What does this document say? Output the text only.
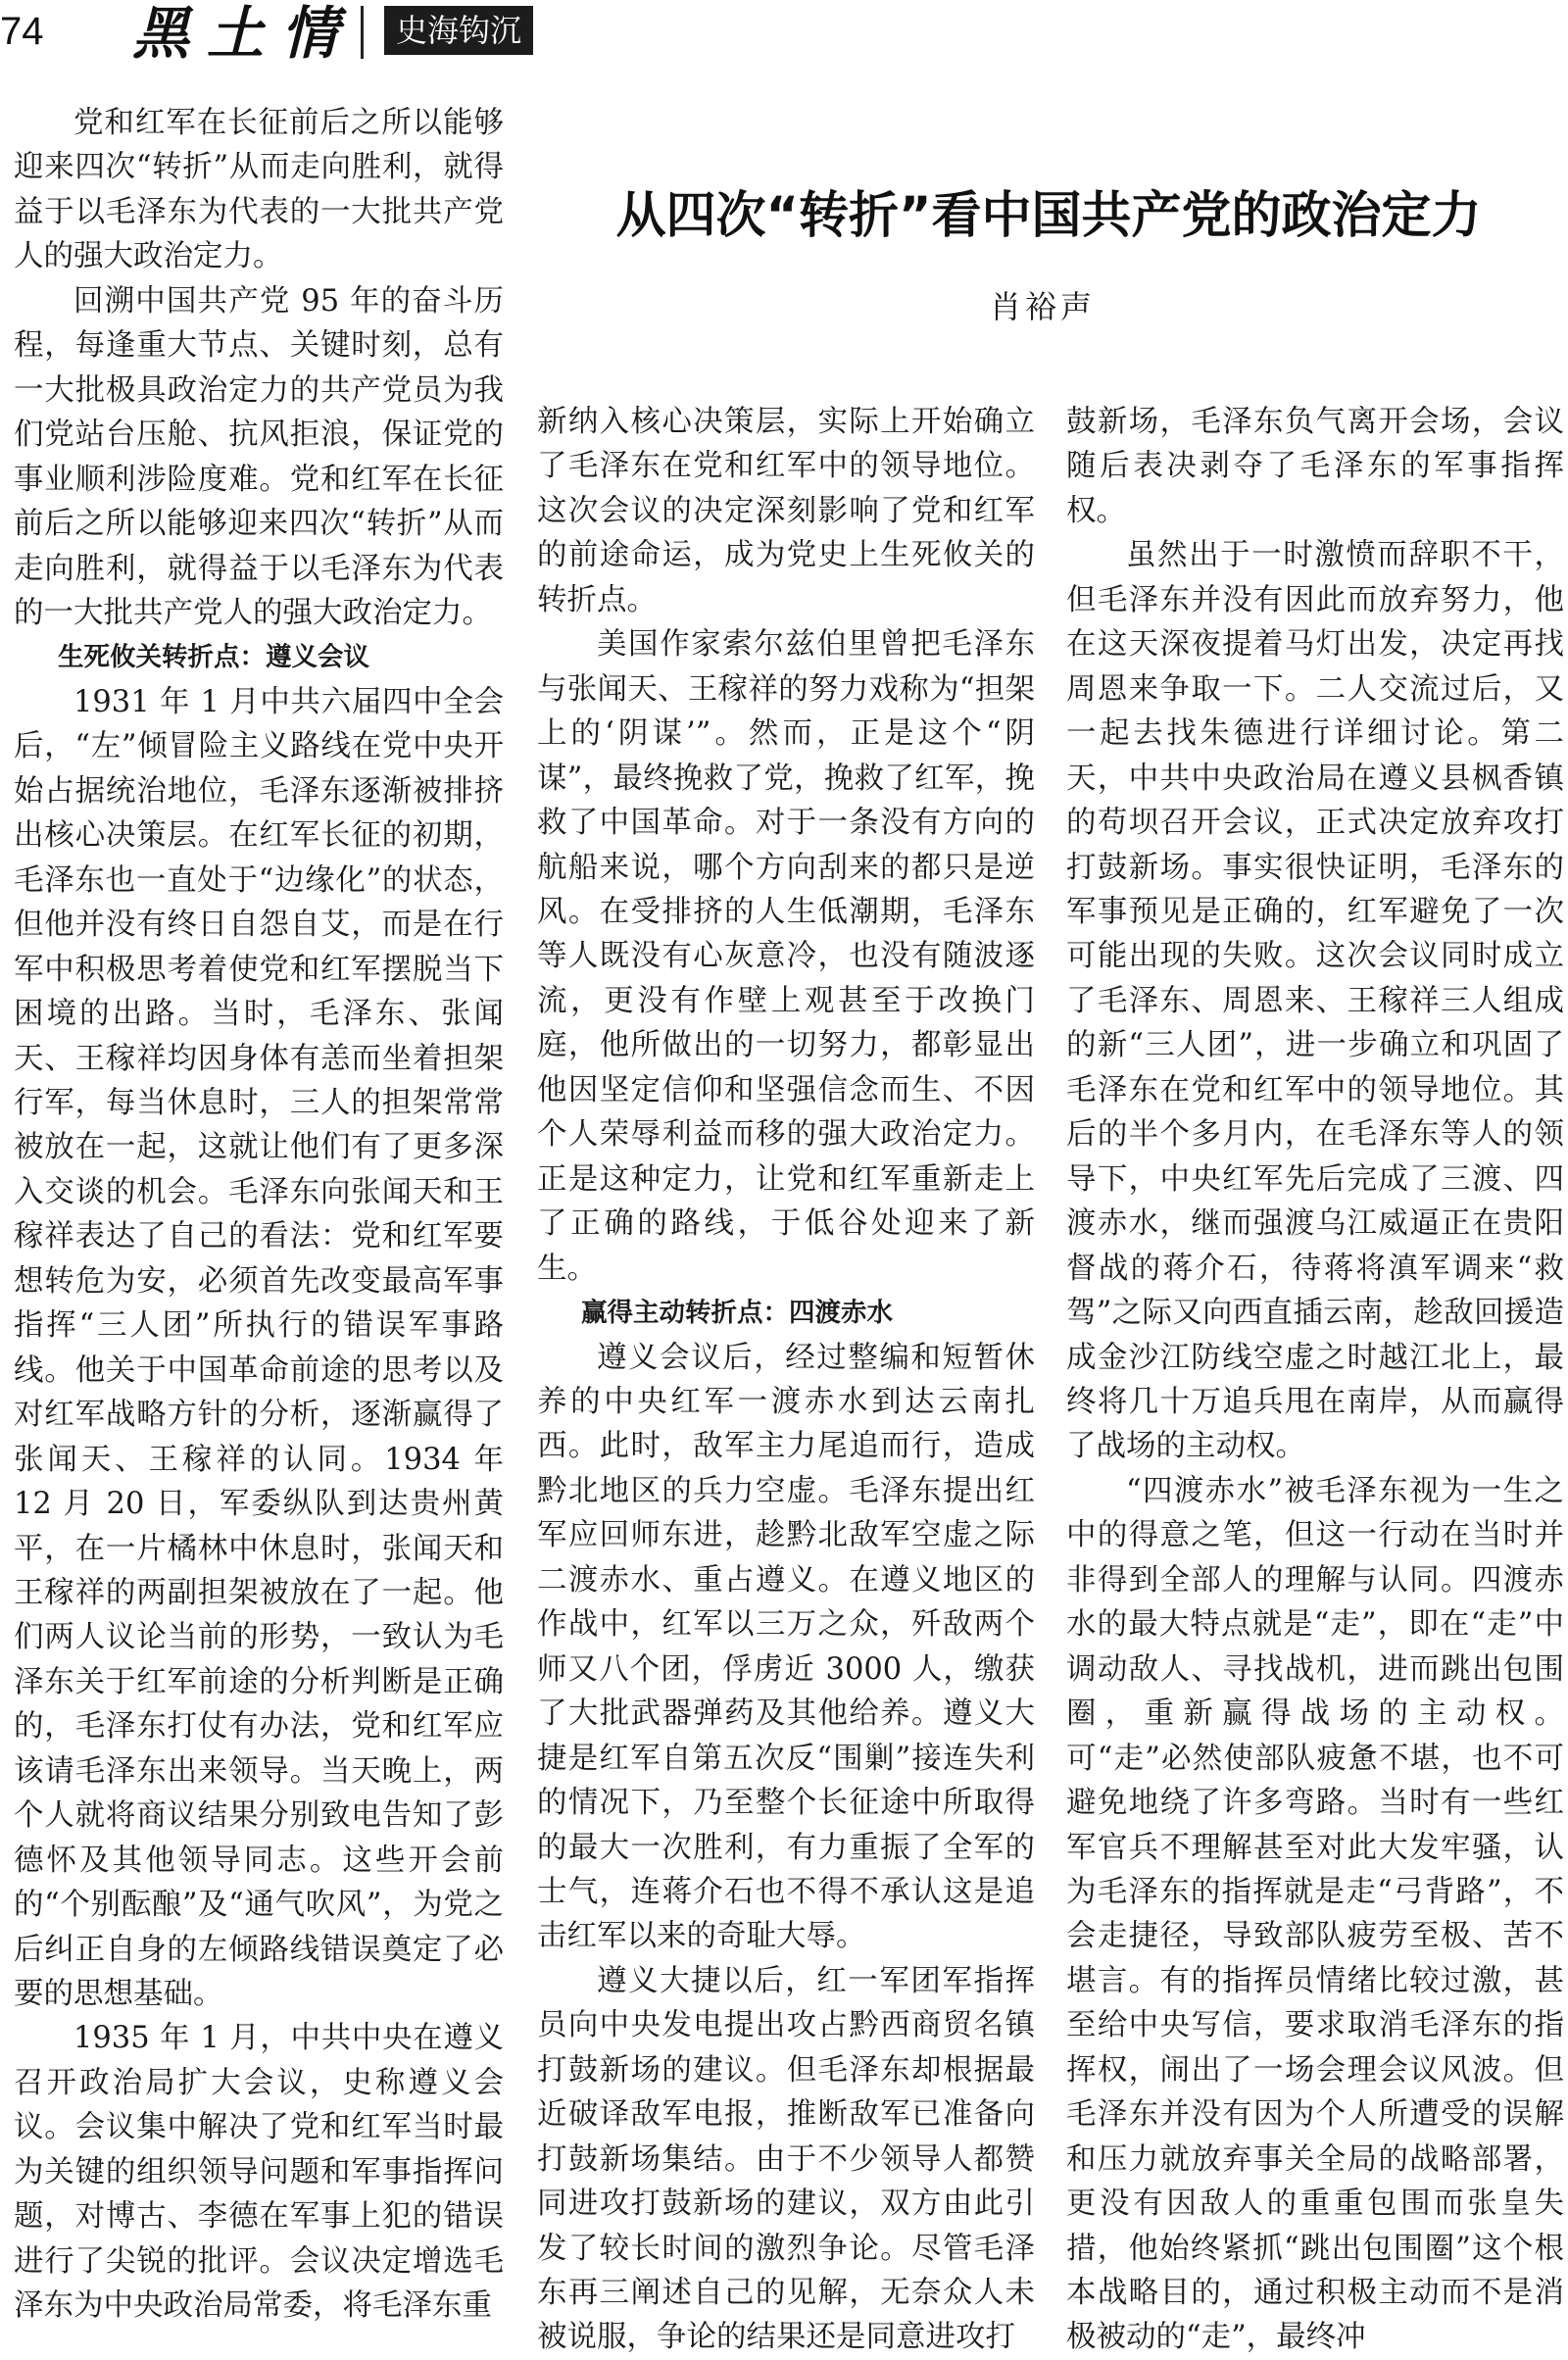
74 黑土情	史海钩沉
从四次“转折”看中国共产党的政治定力
肖裕声

党和红军在长征前后之所以能够迎来四次“转折”从而走向胜利，就得益于以毛泽东为代表的一大批共产党人的强大政治定力。

回溯中国共产党 95 年的奋斗历程，每逢重大节点、关键时刻，总有一大批极具政治定力的共产党员为我们党站台压舱、抗风拒浪，保证党的事业顺利涉险度难。党和红军在长征前后之所以能够迎来四次“转折”从而走向胜利，就得益于以毛泽东为代表的一大批共产党人的强大政治定力。

生死攸关转折点：遵义会议

1931 年 1 月中共六届四中全会后，“左”倾冒险主义路线在党中央开始占据统治地位，毛泽东逐渐被排挤出核心决策层。在红军长征的初期，毛泽东也一直处于“边缘化”的状态，但他并没有终日自怨自艾，而是在行军中积极思考着使党和红军摆脱当下困境的出路。当时，毛泽东、张闻天、王稼祥均因身体有恙而坐着担架行军，每当休息时，三人的担架常常被放在一起，这就让他们有了更多深入交谈的机会。毛泽东向张闻天和王稼祥表达了自己的看法：党和红军要想转危为安，必须首先改变最高军事指挥“三人团”所执行的错误军事路线。他关于中国革命前途的思考以及对红军战略方针的分析，逐渐赢得了张闻天、王稼祥的认同。1934 年 12 月 20 日，军委纵队到达贵州黄平，在一片橘林中休息时，张闻天和王稼祥的两副担架被放在了一起。他们两人议论当前的形势，一致认为毛泽东关于红军前途的分析判断是正确的，毛泽东打仗有办法，党和红军应该请毛泽东出来领导。当天晚上，两个人就将商议结果分别致电告知了彭德怀及其他领导同志。这些开会前的“个别酝酿”及“通气吹风”，为党之后纠正自身的左倾路线错误奠定了必要的思想基础。

1935 年 1 月，中共中央在遵义召开政治局扩大会议，史称遵义会议。会议集中解决了党和红军当时最为关键的组织领导问题和军事指挥问题，对博古、李德在军事上犯的错误进行了尖锐的批评。会议决定增选毛泽东为中央政治局常委，将毛泽东重

新纳入核心决策层，实际上开始确立了毛泽东在党和红军中的领导地位。这次会议的决定深刻影响了党和红军的前途命运，成为党史上生死攸关的转折点。

美国作家索尔兹伯里曾把毛泽东与张闻天、王稼祥的努力戏称为“担架上的‘阴谋’”。然而，正是这个“阴谋”，最终挽救了党，挽救了红军，挽救了中国革命。对于一条没有方向的航船来说，哪个方向刮来的都只是逆风。在受排挤的人生低潮期，毛泽东等人既没有心灰意冷，也没有随波逐流，更没有作壁上观甚至于改换门庭，他所做出的一切努力，都彰显出他因坚定信仰和坚强信念而生、不因个人荣辱利益而移的强大政治定力。正是这种定力，让党和红军重新走上了正确的路线，于低谷处迎来了新生。

赢得主动转折点：四渡赤水

遵义会议后，经过整编和短暂休养的中央红军一渡赤水到达云南扎西。此时，敌军主力尾追而行，造成黔北地区的兵力空虚。毛泽东提出红军应回师东进，趁黔北敌军空虚之际二渡赤水、重占遵义。在遵义地区的作战中，红军以三万之众，歼敌两个师又八个团，俘虏近 3000 人，缴获了大批武器弹药及其他给养。遵义大捷是红军自第五次反“围剿”接连失利的情况下，乃至整个长征途中所取得的最大一次胜利，有力重振了全军的士气，连蒋介石也不得不承认这是追击红军以来的奇耻大辱。

遵义大捷以后，红一军团军指挥员向中央发电提出攻占黔西商贸名镇打鼓新场的建议。但毛泽东却根据最近破译敌军电报，推断敌军已准备向打鼓新场集结。由于不少领导人都赞同进攻打鼓新场的建议，双方由此引发了较长时间的激烈争论。尽管毛泽东再三阐述自己的见解，无奈众人未被说服，争论的结果还是同意进攻打

鼓新场，毛泽东负气离开会场，会议随后表决剥夺了毛泽东的军事指挥权。

虽然出于一时激愤而辞职不干，但毛泽东并没有因此而放弃努力，他在这天深夜提着马灯出发，决定再找周恩来争取一下。二人交流过后，又一起去找朱德进行详细讨论。第二天，中共中央政治局在遵义县枫香镇的苟坝召开会议，正式决定放弃攻打打鼓新场。事实很快证明，毛泽东的军事预见是正确的，红军避免了一次可能出现的失败。这次会议同时成立了毛泽东、周恩来、王稼祥三人组成的新“三人团”，进一步确立和巩固了毛泽东在党和红军中的领导地位。其后的半个多月内，在毛泽东等人的领导下，中央红军先后完成了三渡、四渡赤水，继而强渡乌江威逼正在贵阳督战的蒋介石，待蒋将滇军调来“救驾”之际又向西直插云南，趁敌回援造成金沙江防线空虚之时越江北上，最终将几十万追兵甩在南岸，从而赢得了战场的主动权。

“四渡赤水”被毛泽东视为一生之中的得意之笔，但这一行动在当时并非得到全部人的理解与认同。四渡赤水的最大特点就是“走”，即在“走”中调动敌人、寻找战机，进而跳出包围圈，重新赢得战场的主动权。可“走”必然使部队疲惫不堪，也不可避免地绕了许多弯路。当时有一些红军官兵不理解甚至对此大发牢骚，认为毛泽东的指挥就是走“弓背路”，不会走捷径，导致部队疲劳至极、苦不堪言。有的指挥员情绪比较过激，甚至给中央写信，要求取消毛泽东的指挥权，闹出了一场会理会议风波。但毛泽东并没有因为个人所遭受的误解和压力就放弃事关全局的战略部署，更没有因敌人的重重包围而张皇失措，他始终紧抓“跳出包围圈”这个根本战略目的，通过积极主动而不是消极被动的“走”，最终冲
